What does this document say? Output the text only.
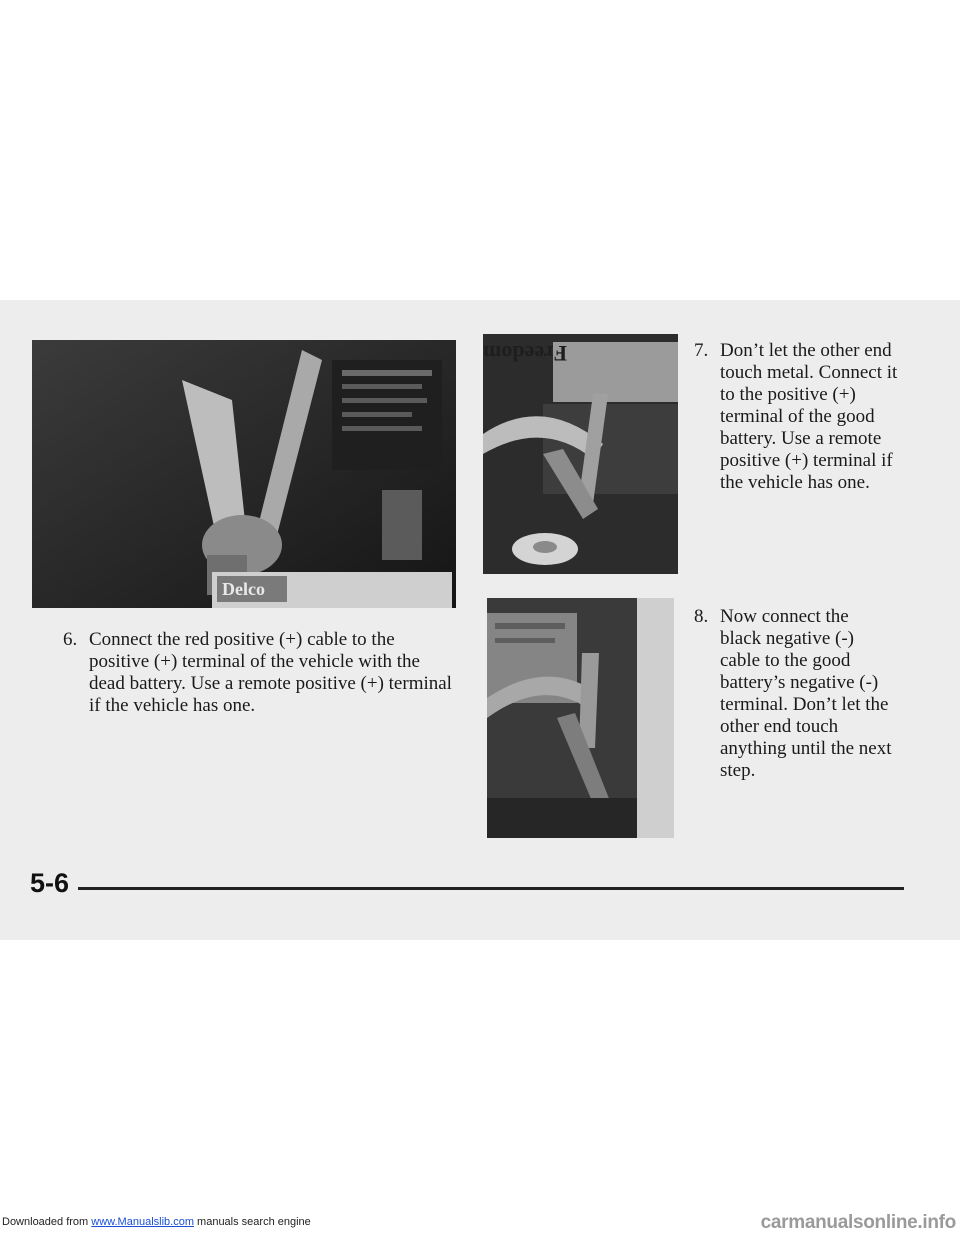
Delco
Freedom
6. Connect the red positive (+) cable to the positive (+) terminal of the vehicle with the dead battery. Use a remote positive (+) terminal if the vehicle has one.
7. Don’t let the other end touch metal. Connect it to the positive (+) terminal of the good battery. Use a remote positive (+) terminal if the vehicle has one.
8. Now connect the black negative (-) cable to the good battery’s negative (-) terminal. Don’t let the other end touch anything until the next step.
5-6
Downloaded from www.Manualslib.com manuals search engine	carmanualsonline.info
